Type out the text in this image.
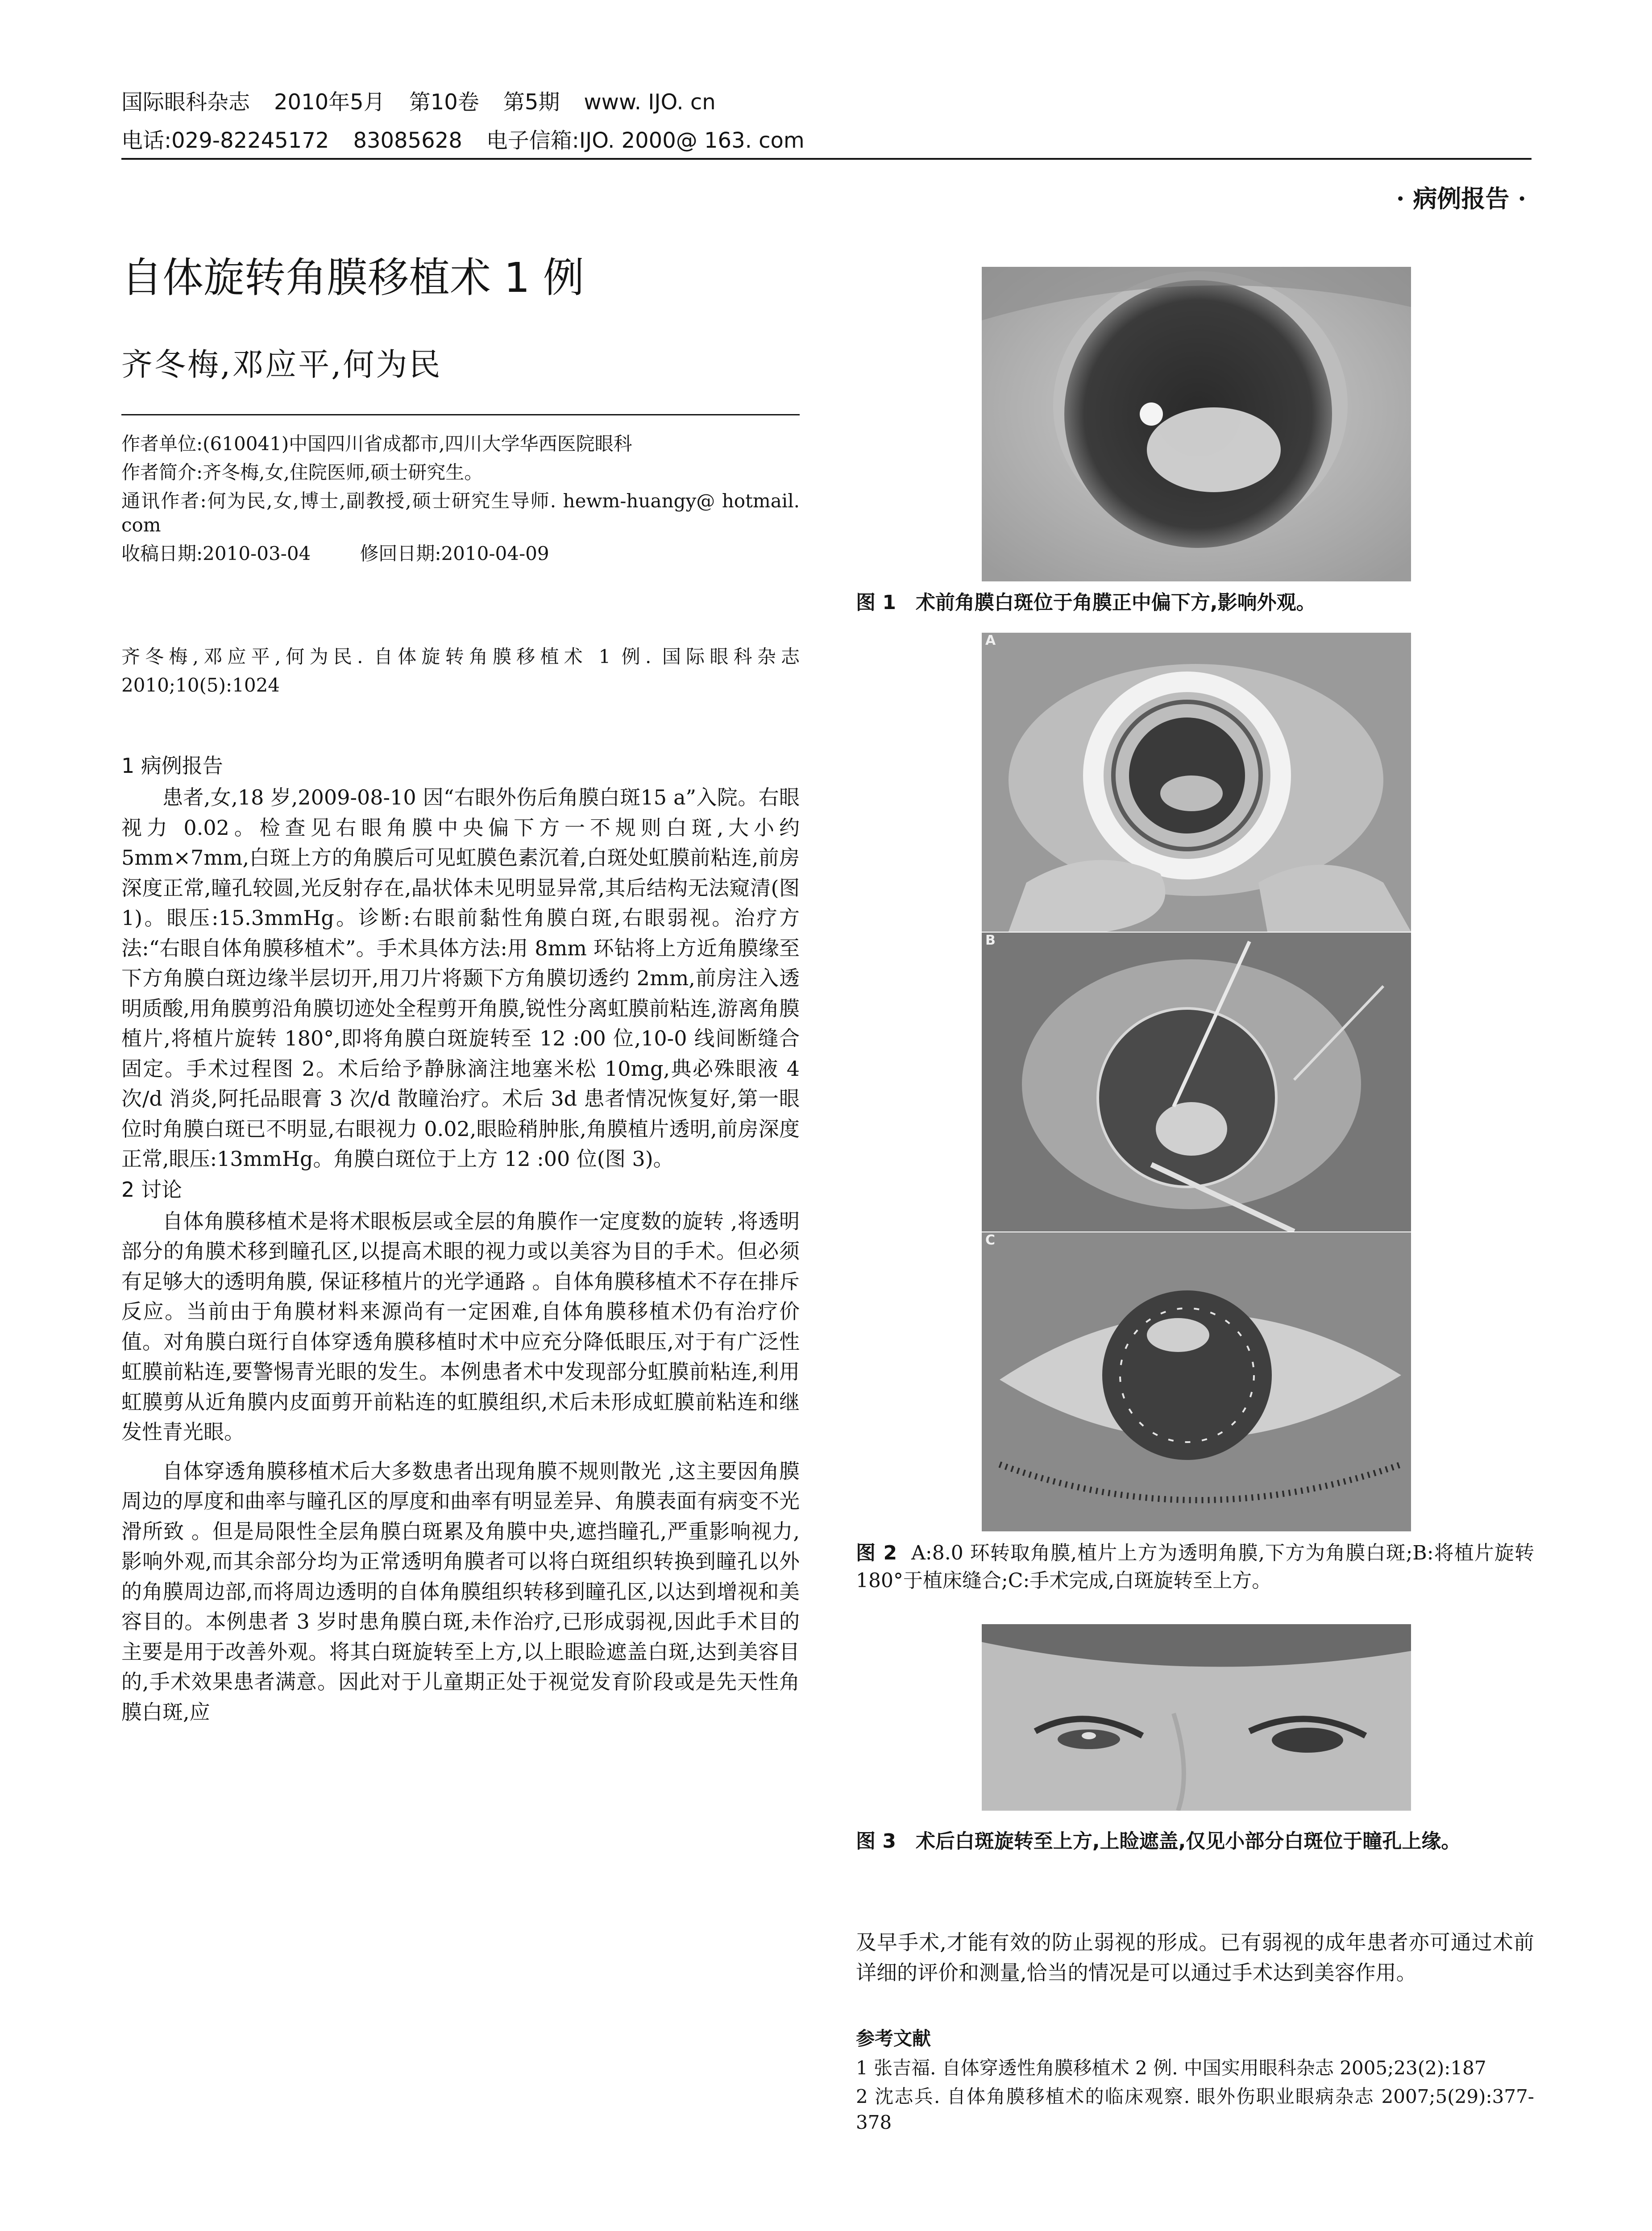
国际眼科杂志 2010年5月 第10卷 第5期 www. IJO. cn
电话:029-82245172 83085628 电子信箱:IJO. 2000@ 163. com
· 病例报告 ·
自体旋转角膜移植术 1 例
齐冬梅,邓应平,何为民
作者单位:(610041)中国四川省成都市,四川大学华西医院眼科
作者简介:齐冬梅,女,住院医师,硕士研究生。
通讯作者:何为民,女,博士,副教授,硕士研究生导师. hewm-huangy@ hotmail. com
收稿日期:2010-03-04	修回日期:2010-04-09
齐冬梅,邓应平,何为民. 自体旋转角膜移植术 1 例. 国际眼科杂志 2010;10(5):1024
1 病例报告

患者,女,18 岁,2009-08-10 因“右眼外伤后角膜白斑15 a”入院。右眼视力 0.02。检查见右眼角膜中央偏下方一不规则白斑,大小约 5mm×7mm,白斑上方的角膜后可见虹膜色素沉着,白斑处虹膜前粘连,前房深度正常,瞳孔较圆,光反射存在,晶状体未见明显异常,其后结构无法窥清(图 1)。眼压:15.3mmHg。诊断:右眼前黏性角膜白斑,右眼弱视。治疗方法:“右眼自体角膜移植术”。手术具体方法:用 8mm 环钻将上方近角膜缘至下方角膜白斑边缘半层切开,用刀片将颞下方角膜切透约 2mm,前房注入透明质酸,用角膜剪沿角膜切迹处全程剪开角膜,锐性分离虹膜前粘连,游离角膜植片,将植片旋转 180°,即将角膜白斑旋转至 12 :00 位,10-0 线间断缝合固定。手术过程图 2。术后给予静脉滴注地塞米松 10mg,典必殊眼液 4 次/d 消炎,阿托品眼膏 3 次/d 散瞳治疗。术后 3d 患者情况恢复好,第一眼位时角膜白斑已不明显,右眼视力 0.02,眼睑稍肿胀,角膜植片透明,前房深度正常,眼压:13mmHg。角膜白斑位于上方 12 :00 位(图 3)。

2 讨论

自体角膜移植术是将术眼板层或全层的角膜作一定度数的旋转 ,将透明部分的角膜术移到瞳孔区,以提高术眼的视力或以美容为目的手术。但必须有足够大的透明角膜, 保证移植片的光学通路 。自体角膜移植术不存在排斥反应。当前由于角膜材料来源尚有一定困难,自体角膜移植术仍有治疗价值。对角膜白斑行自体穿透角膜移植时术中应充分降低眼压,对于有广泛性虹膜前粘连,要警惕青光眼的发生。本例患者术中发现部分虹膜前粘连,利用虹膜剪从近角膜内皮面剪开前粘连的虹膜组织,术后未形成虹膜前粘连和继发性青光眼。

自体穿透角膜移植术后大多数患者出现角膜不规则散光 ,这主要因角膜周边的厚度和曲率与瞳孔区的厚度和曲率有明显差异、角膜表面有病变不光滑所致 。但是局限性全层角膜白斑累及角膜中央,遮挡瞳孔,严重影响视力,影响外观,而其余部分均为正常透明角膜者可以将白斑组织转换到瞳孔以外的角膜周边部,而将周边透明的自体角膜组织转移到瞳孔区,以达到增视和美容目的。本例患者 3 岁时患角膜白斑,未作治疗,已形成弱视,因此手术目的主要是用于改善外观。将其白斑旋转至上方,以上眼睑遮盖白斑,达到美容目的,手术效果患者满意。因此对于儿童期正处于视觉发育阶段或是先天性角膜白斑,应

图 1 术前角膜白斑位于角膜正中偏下方,影响外观。
A
B
C
图 2 A:8.0 环转取角膜,植片上方为透明角膜,下方为角膜白斑;B:将植片旋转 180°于植床缝合;C:手术完成,白斑旋转至上方。
图 3 术后白斑旋转至上方,上睑遮盖,仅见小部分白斑位于瞳孔上缘。

及早手术,才能有效的防止弱视的形成。已有弱视的成年患者亦可通过术前详细的评价和测量,恰当的情况是可以通过手术达到美容作用。

参考文献
1 张吉福. 自体穿透性角膜移植术 2 例. 中国实用眼科杂志 2005;23(2):187
2 沈志兵. 自体角膜移植术的临床观察. 眼外伤职业眼病杂志 2007;5(29):377-378
